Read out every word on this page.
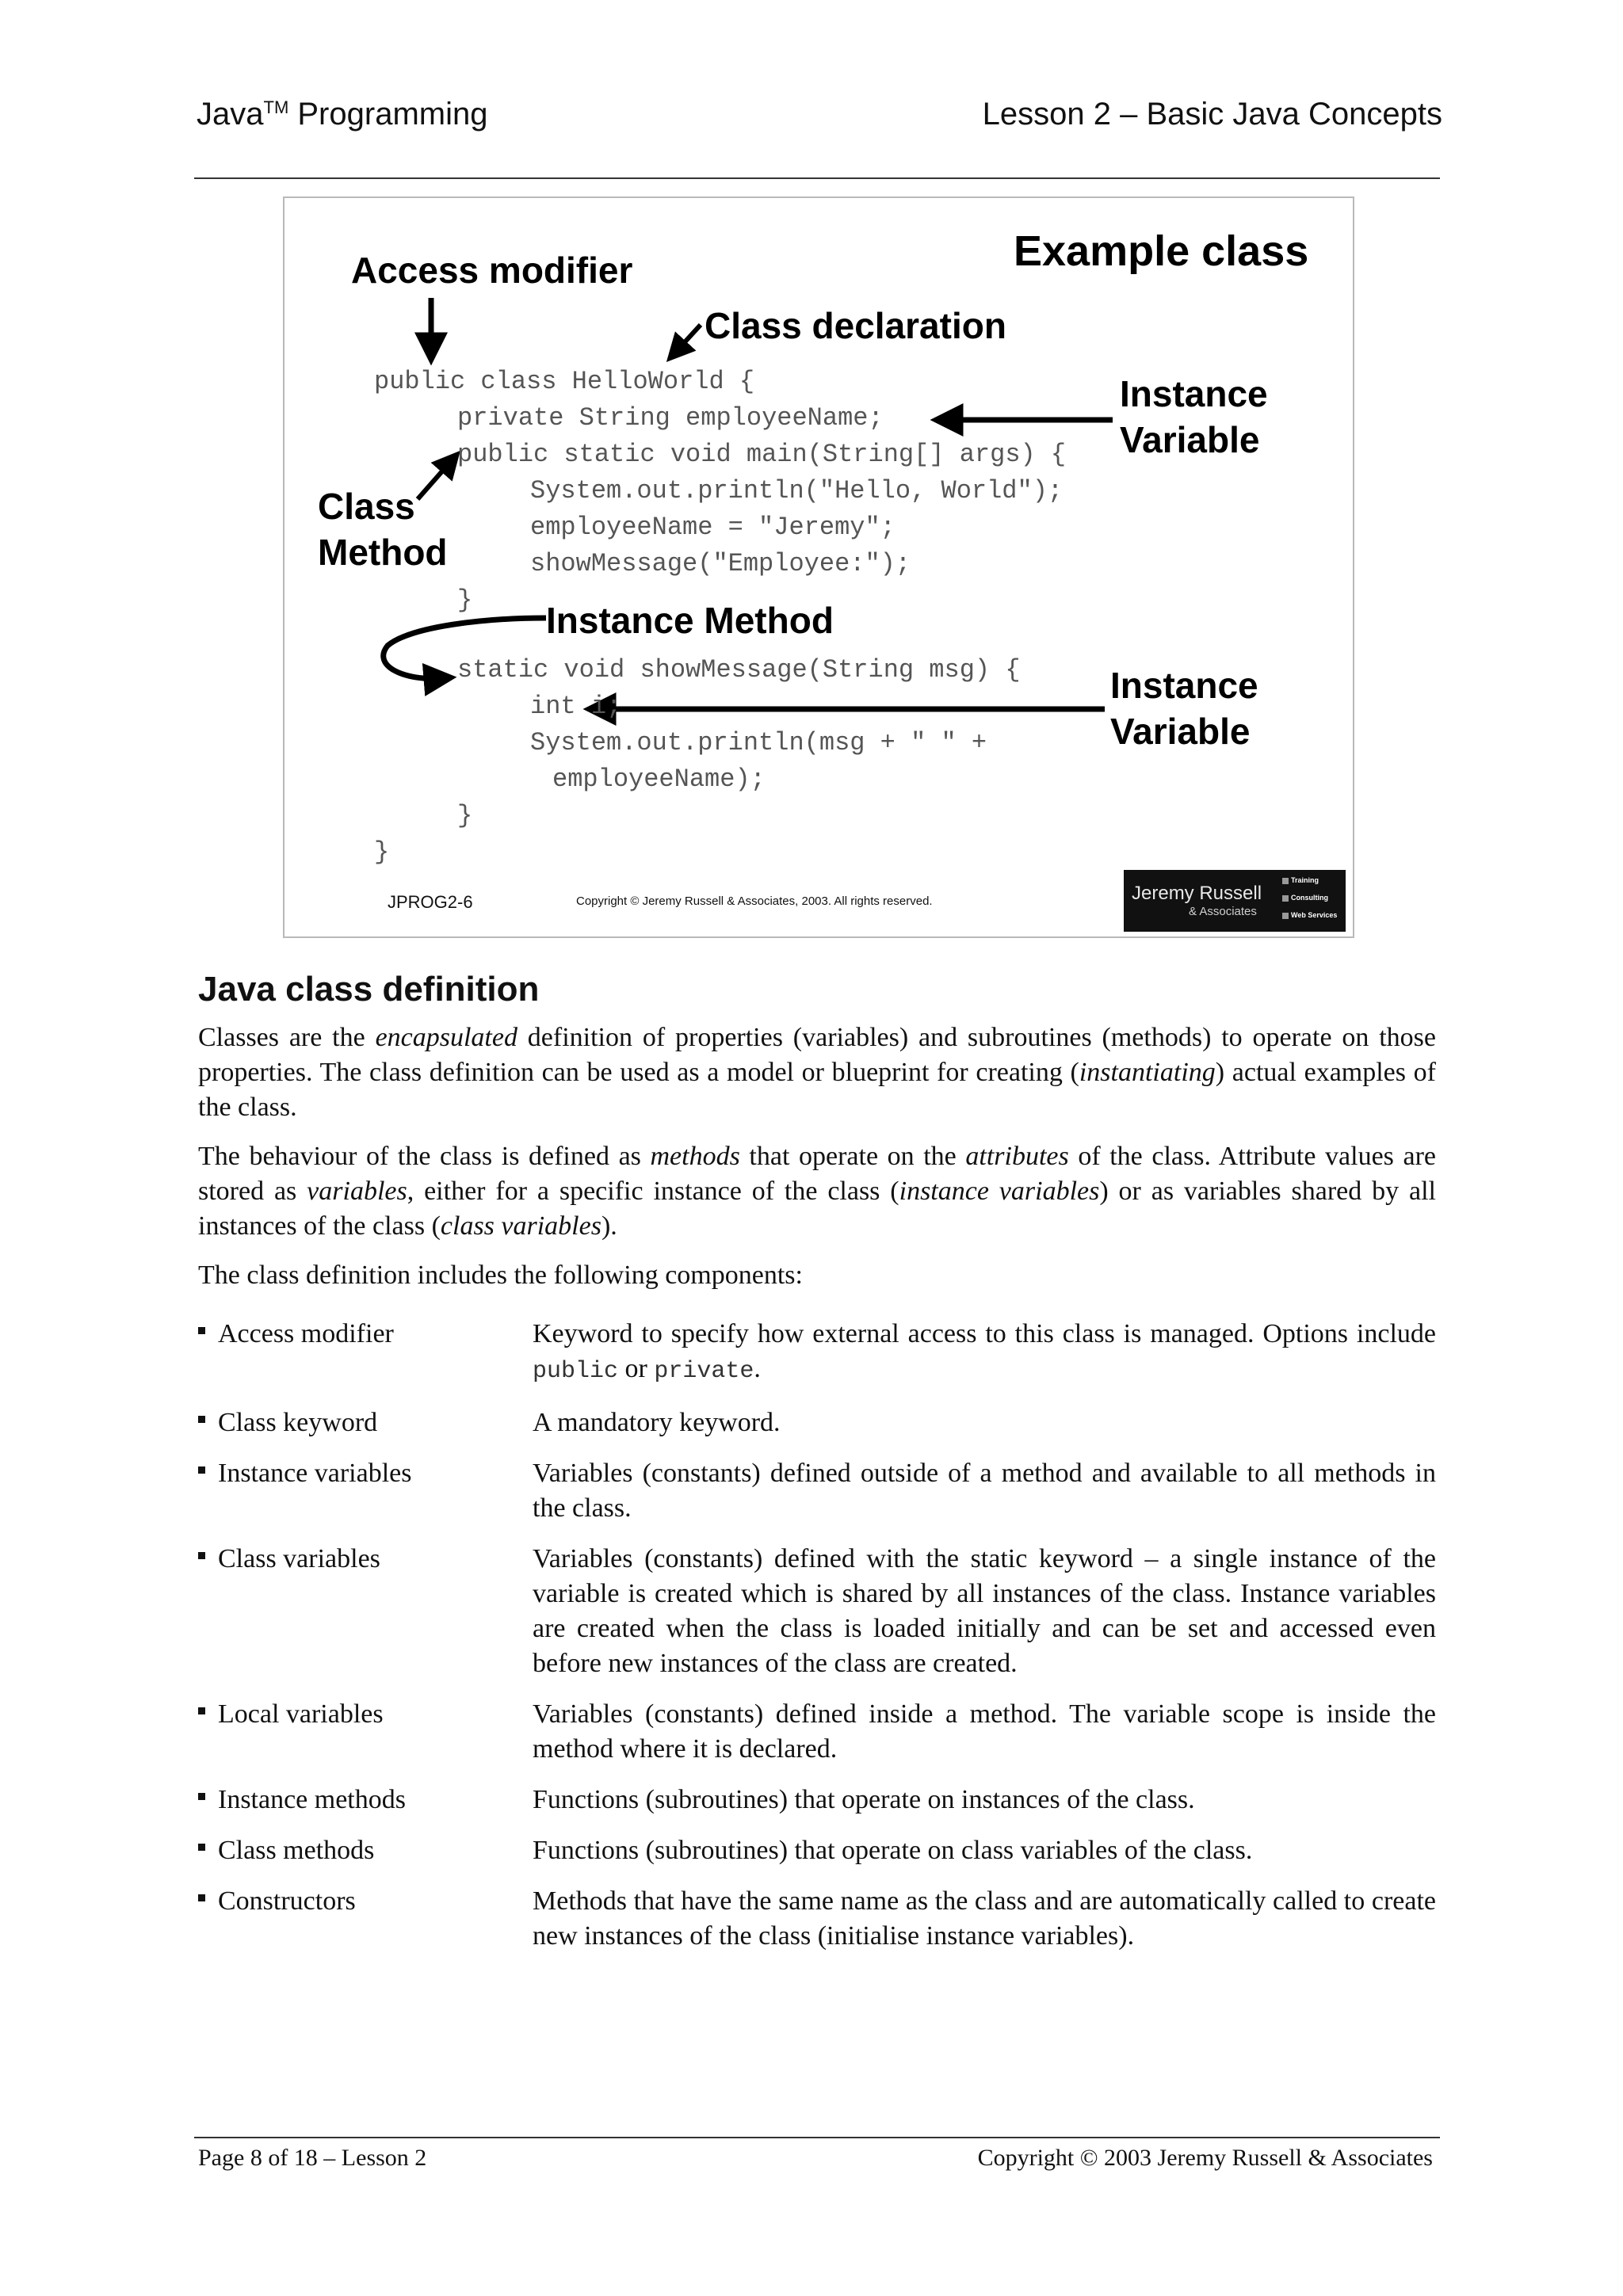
Java™ Programming	Lesson 2 – Basic Java Concepts
Example class
Access modifier
Class declaration
Instance
Variable
Class
Method
Instance Method
Instance
Variable
public class HelloWorld {
private String employeeName;
public static void main(String[] args) {
System.out.println("Hello, World");
employeeName = "Jeremy";
showMessage("Employee:");
}
static void showMessage(String msg) {
int i;
System.out.println(msg + " " +
employeeName);
}
}
JPROG2-6	Copyright © Jeremy Russell & Associates, 2003. All rights reserved.	Jeremy Russell
& Associates
Training
Consulting
Web Services
Java class definition
Classes are the encapsulated definition of properties (variables) and subroutines (methods) to operate on those properties. The class definition can be used as a model or blueprint for creating (instantiating) actual examples of the class.
The behaviour of the class is defined as methods that operate on the attributes of the class. Attribute values are stored as variables, either for a specific instance of the class (instance variables) or as variables shared by all instances of the class (class variables).
The class definition includes the following components:
Access modifier	Keyword to specify how external access to this class is managed. Options include public or private.
Class keyword	A mandatory keyword.
Instance variables	Variables (constants) defined outside of a method and available to all methods in the class.
Class variables	Variables (constants) defined with the static keyword – a single instance of the variable is created which is shared by all instances of the class. Instance variables are created when the class is loaded initially and can be set and accessed even before new instances of the class are created.
Local variables	Variables (constants) defined inside a method. The variable scope is inside the method where it is declared.
Instance methods	Functions (subroutines) that operate on instances of the class.
Class methods	Functions (subroutines) that operate on class variables of the class.
Constructors	Methods that have the same name as the class and are automatically called to create new instances of the class (initialise instance variables).
Page 8 of 18 – Lesson 2	Copyright © 2003 Jeremy Russell & Associates
